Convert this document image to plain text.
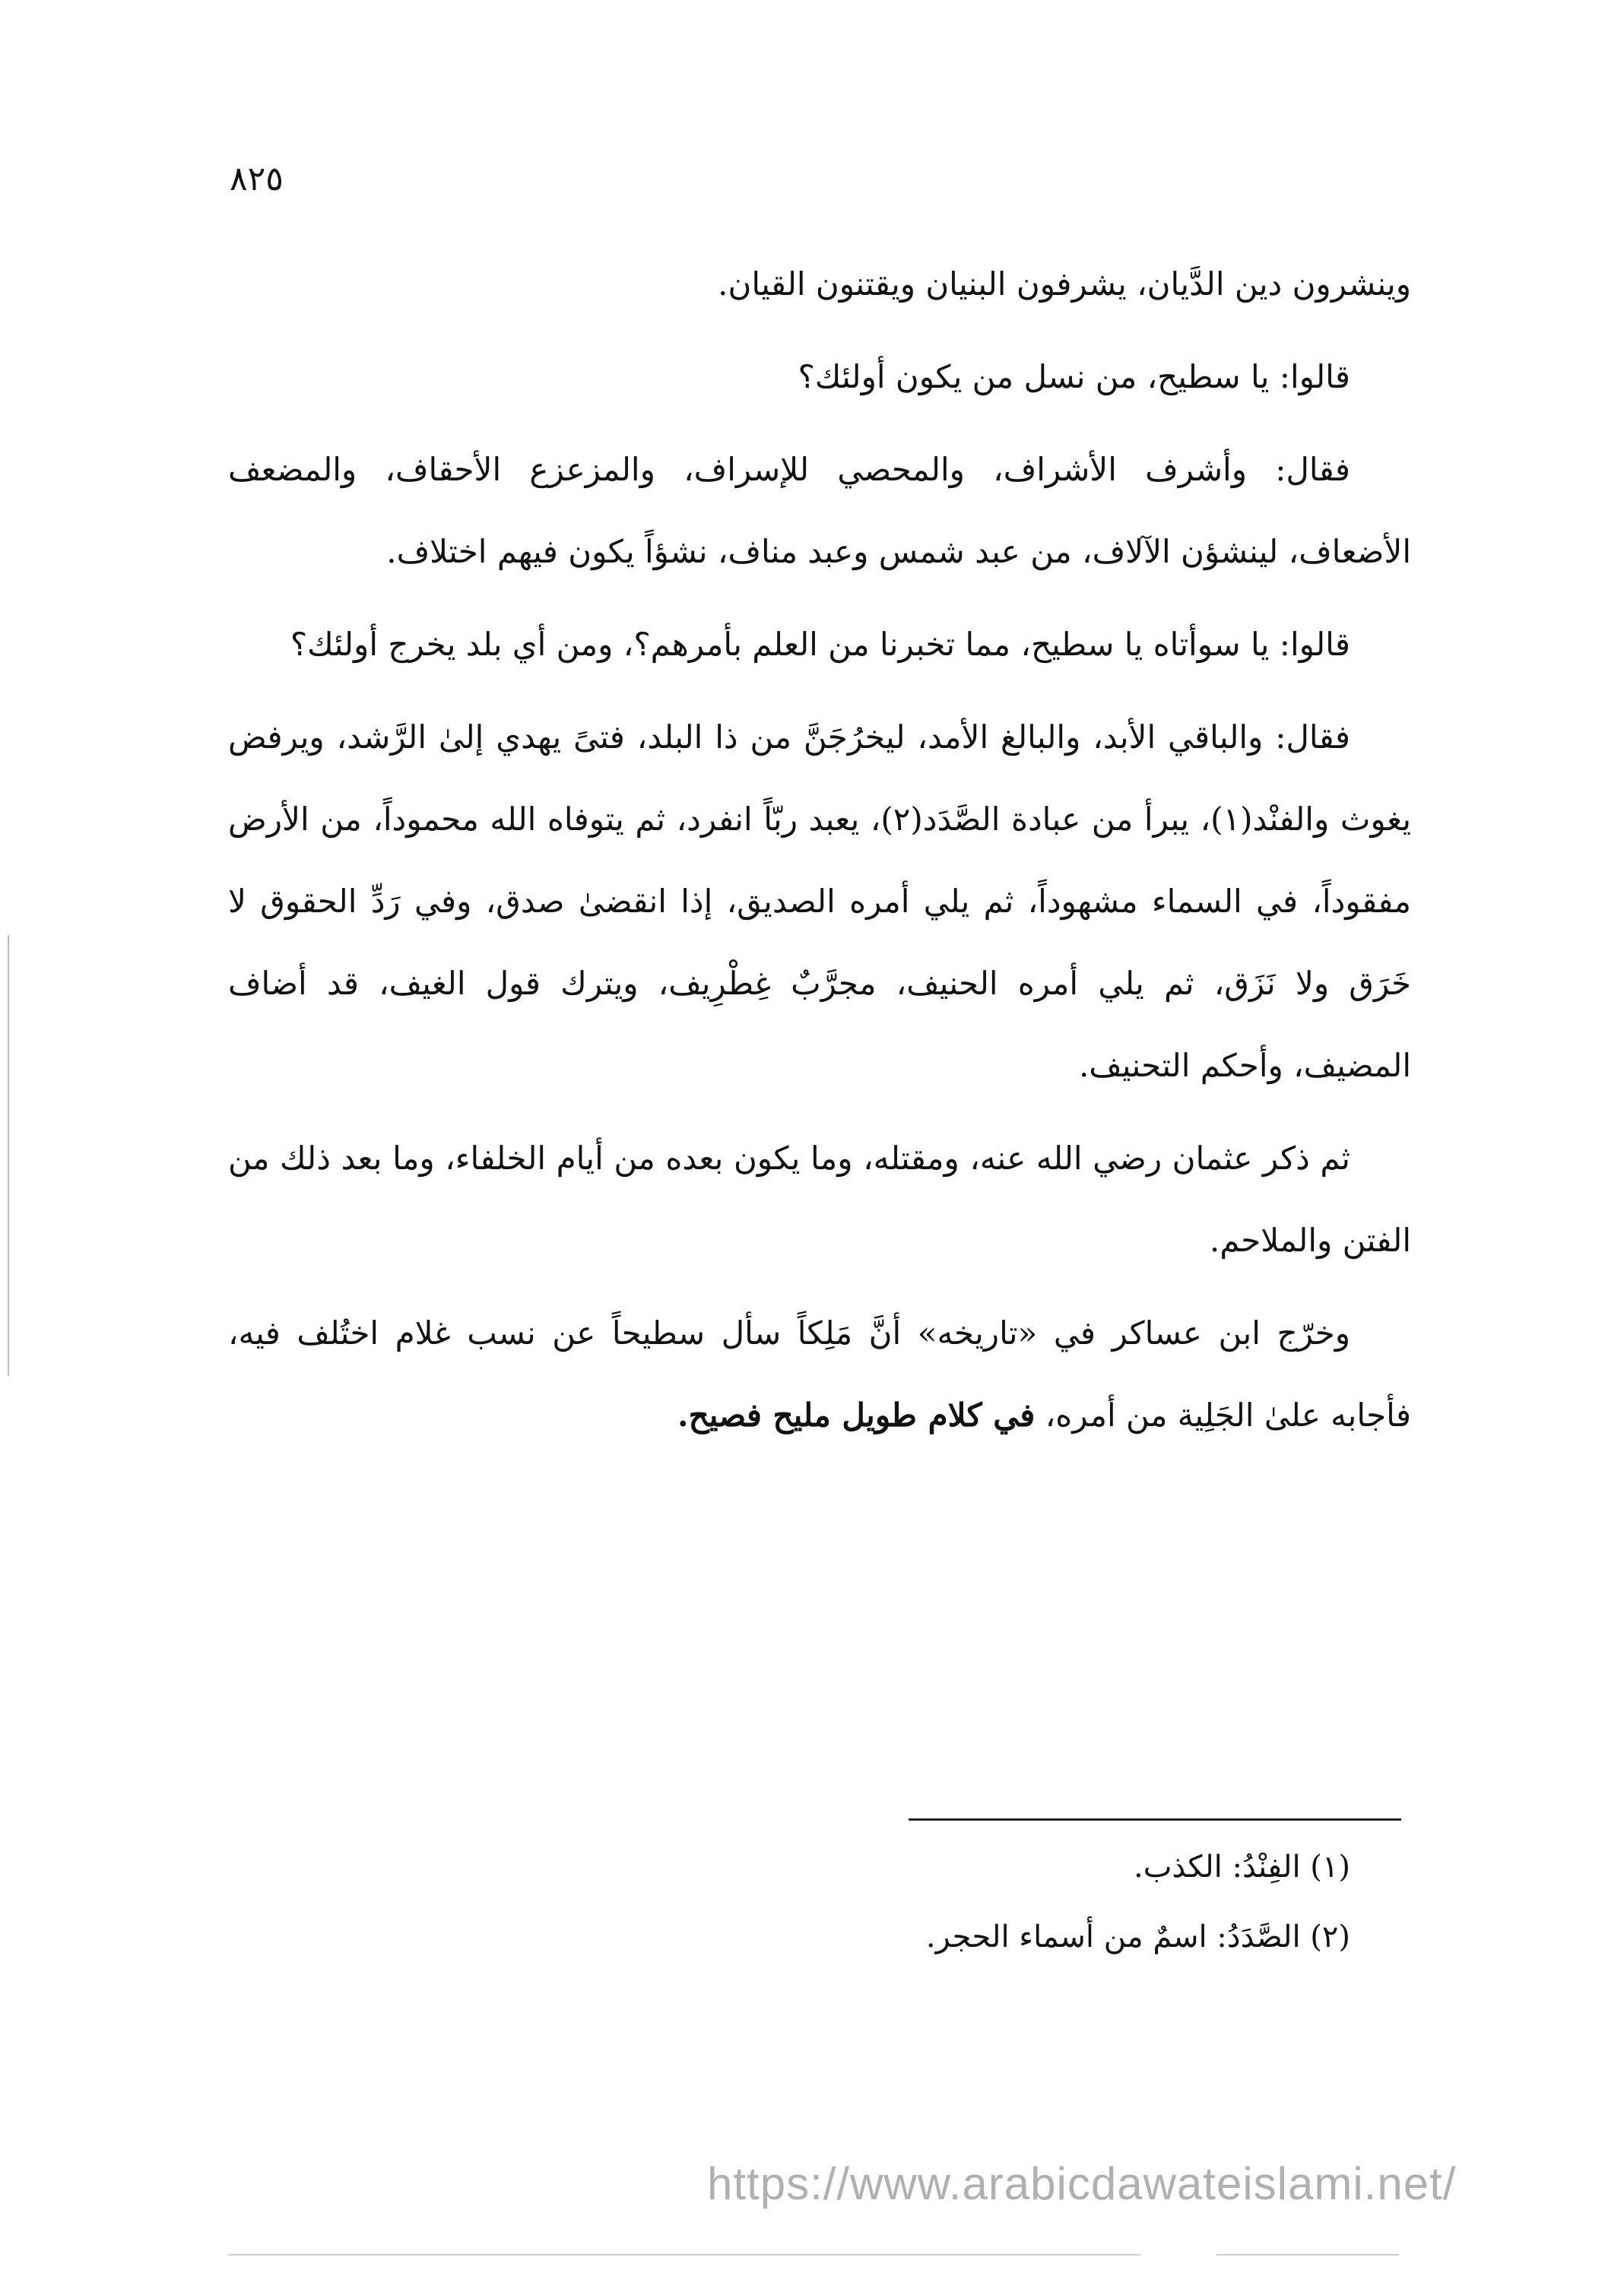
٨٢٥

وينشرون دين الدَّيان، يشرفون البنيان ويقتنون القيان.

قالوا: يا سطيح، من نسل من يكون أولئك؟

فقال: وأشرف الأشراف، والمحصي للإسراف، والمزعزع الأحقاف، والمضعف الأضعاف، لينشؤن الآلاف، من عبد شمس وعبد مناف، نشؤاً يكون فيهم اختلاف.

قالوا: يا سوأتاه يا سطيح، مما تخبرنا من العلم بأمرهم؟، ومن أي بلد يخرج أولئك؟

فقال: والباقي الأبد، والبالغ الأمد، ليخرُجَنَّ من ذا البلد، فتىً يهدي إلىٰ الرَّشد، ويرفض يغوث والفنْد(١)، يبرأ من عبادة الصَّدَد(٢)، يعبد ربّاً انفرد، ثم يتوفاه الله محموداً، من الأرض مفقوداً، في السماء مشهوداً، ثم يلي أمره الصديق، إذا انقضىٰ صدق، وفي رَدِّ الحقوق لا خَرَق ولا نَزَق، ثم يلي أمره الحنيف، مجرَّبٌ غِطْرِيف، ويترك قول الغيف، قد أضاف المضيف، وأحكم التحنيف.

ثم ذكر عثمان رضي الله عنه، ومقتله، وما يكون بعده من أيام الخلفاء، وما بعد ذلك من الفتن والملاحم.

وخرّج ابن عساكر في «تاريخه» أنَّ مَلِكاً سأل سطيحاً عن نسب غلام اختُلف فيه، فأجابه علىٰ الجَلِية من أمره، في كلام طويل مليح فصيح.

(١) الفِنْدُ: الكذب.
(٢) الصَّدَدُ: اسمٌ من أسماء الحجر.
https://www.arabicdawateislami.net/
